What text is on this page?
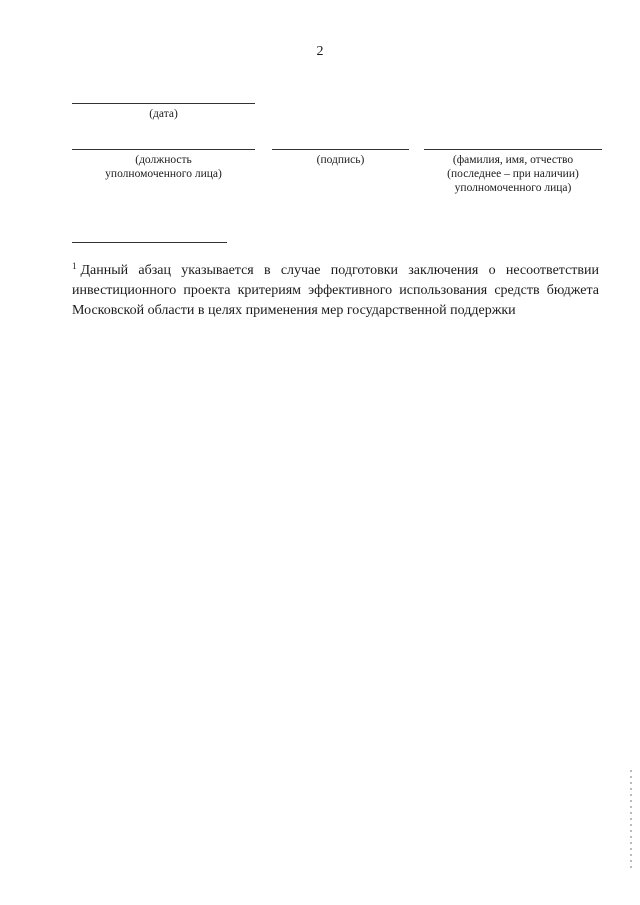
2
(дата)
(должность
уполномоченного лица)
(подпись)	(фамилия, имя, отчество
(последнее – при наличии)
уполномоченного лица)
$^1$ Данный абзац указывается в случае подготовки заключения о несоответствии инвестиционного проекта критериям эффективного использования средств бюджета Московской области в целях применения мер государственной поддержки
